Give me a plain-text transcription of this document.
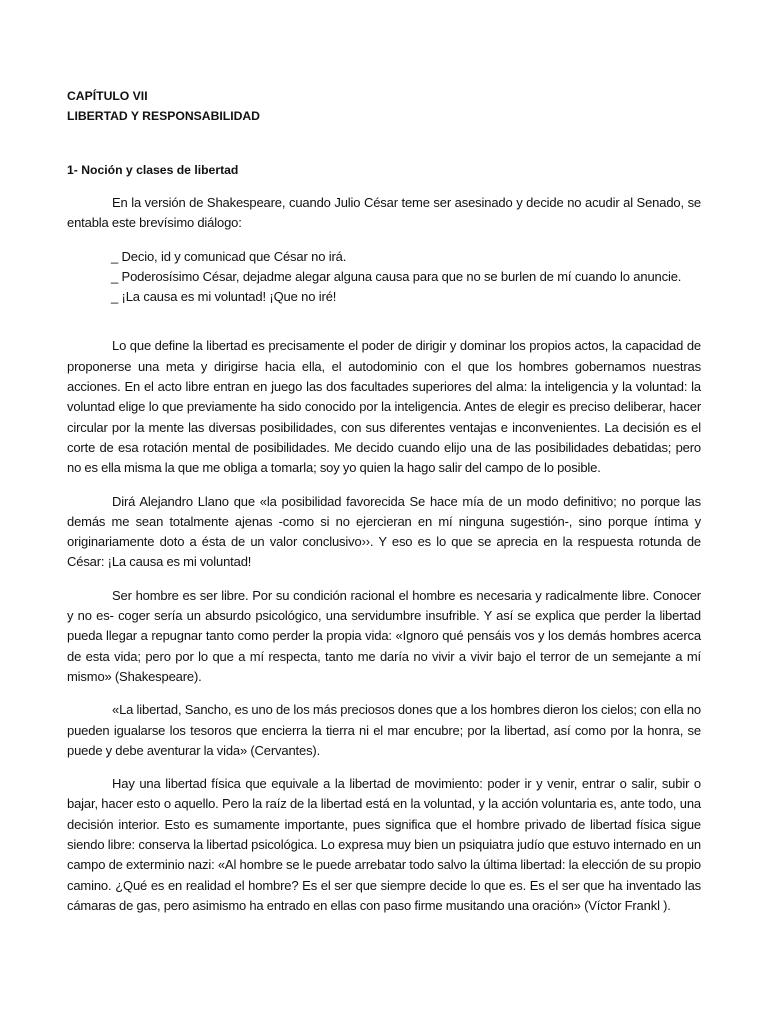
CAPÍTULO VII
LIBERTAD Y RESPONSABILIDAD
1- Noción y clases de libertad

En la versión de Shakespeare, cuando Julio César teme ser asesinado y decide no acudir al Senado, se entabla este brevísimo diálogo:

_ Decio, id y comunicad que César no irá.
_ Poderosísimo César, dejadme alegar alguna causa para que no se burlen de mí cuando lo anuncie.
_ ¡La causa es mi voluntad! ¡Que no iré!

Lo que define la libertad es precisamente el poder de dirigir y dominar los propios actos, la capacidad de proponerse una meta y dirigirse hacia ella, el autodominio con el que los hombres gobernamos nuestras acciones. En el acto libre entran en juego las dos facultades superiores del alma: la inteligencia y la voluntad: la voluntad elige lo que previamente ha sido conocido por la inteligencia. Antes de elegir es preciso deliberar, hacer circular por la mente las diversas posibilidades, con sus diferentes ventajas e inconvenientes. La decisión es el corte de esa rotación mental de posibilidades. Me decido cuando elijo una de las posibilidades debatidas; pero no es ella misma la que me obliga a tomarla; soy yo quien la hago salir del campo de lo posible.

Dirá Alejandro Llano que «la posibilidad favorecida Se hace mía de un modo definitivo; no porque las demás me sean totalmente ajenas -como si no ejercieran en mí ninguna sugestión-, sino porque íntima y originariamente doto a ésta de un valor conclusivo››. Y eso es lo que se aprecia en la respuesta rotunda de César: ¡La causa es mi voluntad!

Ser hombre es ser libre. Por su condición racional el hombre es necesaria y radicalmente libre. Conocer y no es- coger sería un absurdo psicológico, una servidumbre insufrible. Y así se explica que perder la libertad pueda llegar a repugnar tanto como perder la propia vida: «Ignoro qué pensáis vos y los demás hombres acerca de esta vida; pero por lo que a mí respecta, tanto me daría no vivir a vivir bajo el terror de un semejante a mí mismo» (Shakespeare).

«La libertad, Sancho, es uno de los más preciosos dones que a los hombres dieron los cielos; con ella no pueden igualarse los tesoros que encierra la tierra ni el mar encubre; por la libertad, así como por la honra, se puede y debe aventurar la vida» (Cervantes).

Hay una libertad física que equivale a la libertad de movimiento: poder ir y venir, entrar o salir, subir o bajar, hacer esto o aquello. Pero la raíz de la libertad está en la voluntad, y la acción voluntaria es, ante todo, una decisión interior. Esto es sumamente importante, pues significa que el hombre privado de libertad física sigue siendo libre: conserva la libertad psicológica. Lo expresa muy bien un psiquiatra judío que estuvo internado en un campo de exterminio nazi: «Al hombre se le puede arrebatar todo salvo la última libertad: la elección de su propio camino. ¿Qué es en realidad el hombre? Es el ser que siempre decide lo que es. Es el ser que ha inventado las cámaras de gas, pero asimismo ha entrado en ellas con paso firme musitando una oración» (Víctor Frankl ).
